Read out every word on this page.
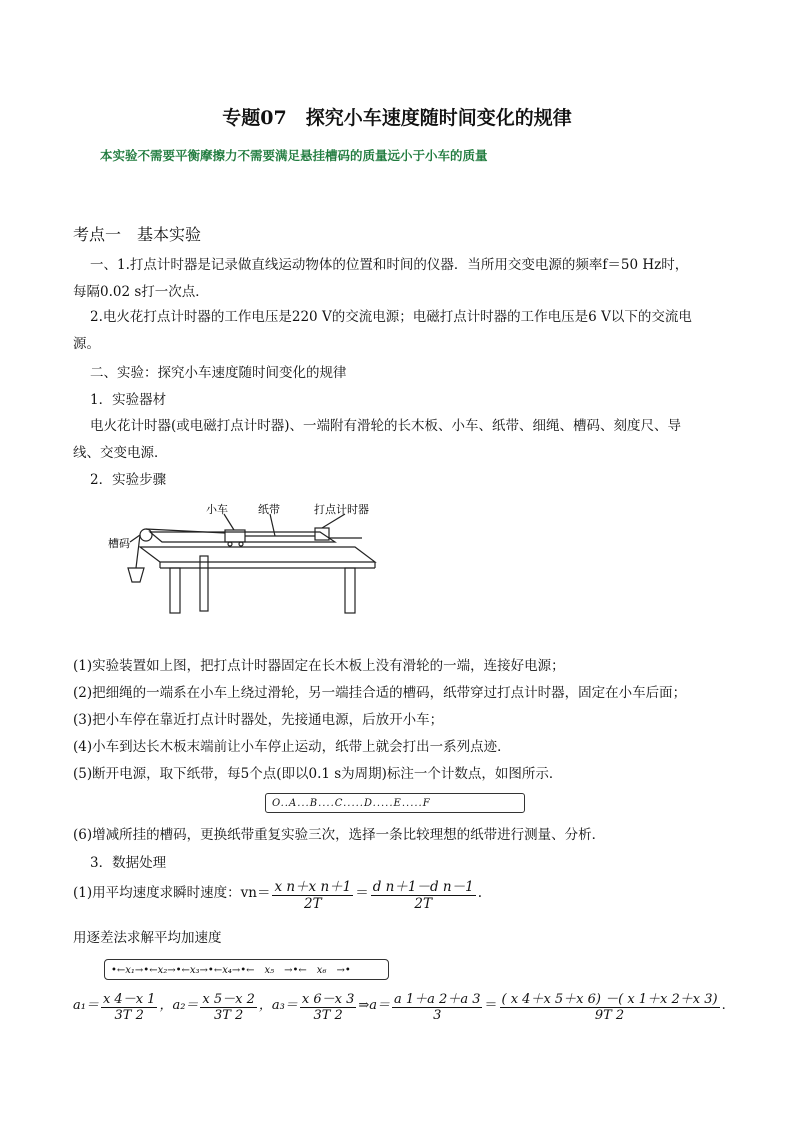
专题07　探究小车速度随时间变化的规律
本实验不需要平衡摩擦力不需要满足悬挂槽码的质量远小于小车的质量
考点一　基本实验
一、1.打点计时器是记录做直线运动物体的位置和时间的仪器．当所用交变电源的频率f＝50 Hz时，
每隔0.02 s打一次点．
2.电火花打点计时器的工作电压是220 V的交流电源；电磁打点计时器的工作电压是6 V以下的交流电
源。
二、实验：探究小车速度随时间变化的规律
1．实验器材
电火花计时器(或电磁打点计时器)、一端附有滑轮的长木板、小车、纸带、细绳、槽码、刻度尺、导
线、交变电源．
2．实验步骤
小车	纸带	打点计时器
槽码
(1)实验装置如上图，把打点计时器固定在长木板上没有滑轮的一端，连接好电源；
(2)把细绳的一端系在小车上绕过滑轮，另一端挂合适的槽码，纸带穿过打点计时器，固定在小车后面；
(3)把小车停在靠近打点计时器处，先接通电源，后放开小车；
(4)小车到达长木板末端前让小车停止运动，纸带上就会打出一系列点迹．
(5)断开电源，取下纸带，每5个点(即以0.1 s为周期)标注一个计数点，如图所示．
O..A...B....C.....D.....E.....F
(6)增减所挂的槽码，更换纸带重复实验三次，选择一条比较理想的纸带进行测量、分析．
3．数据处理
(1)用平均速度求瞬时速度：$vn= \frac{\text{x n＋x n＋1}}{2T} = \frac{\text{d n＋1－d n－1}}{2T}$ .
用逐差法求解平均加速度
•←x₁→•←x₂→•←x₃→•←x₄→•←　x₅　→•←　x₆　→•
$a_1= \frac{x 4-x 1}{3T 2}$ ，$a_2= \frac{x 5-x 2}{3T 2}$ ，$a_3= \frac{x 6-x 3}{3T 2}$ ⇒a＝ $\frac{a 1+a 2+a 3}{3} = \frac{( x 4+x 5+x 6) -( x 1+x 2+x 3)}{9T 2}$ .
